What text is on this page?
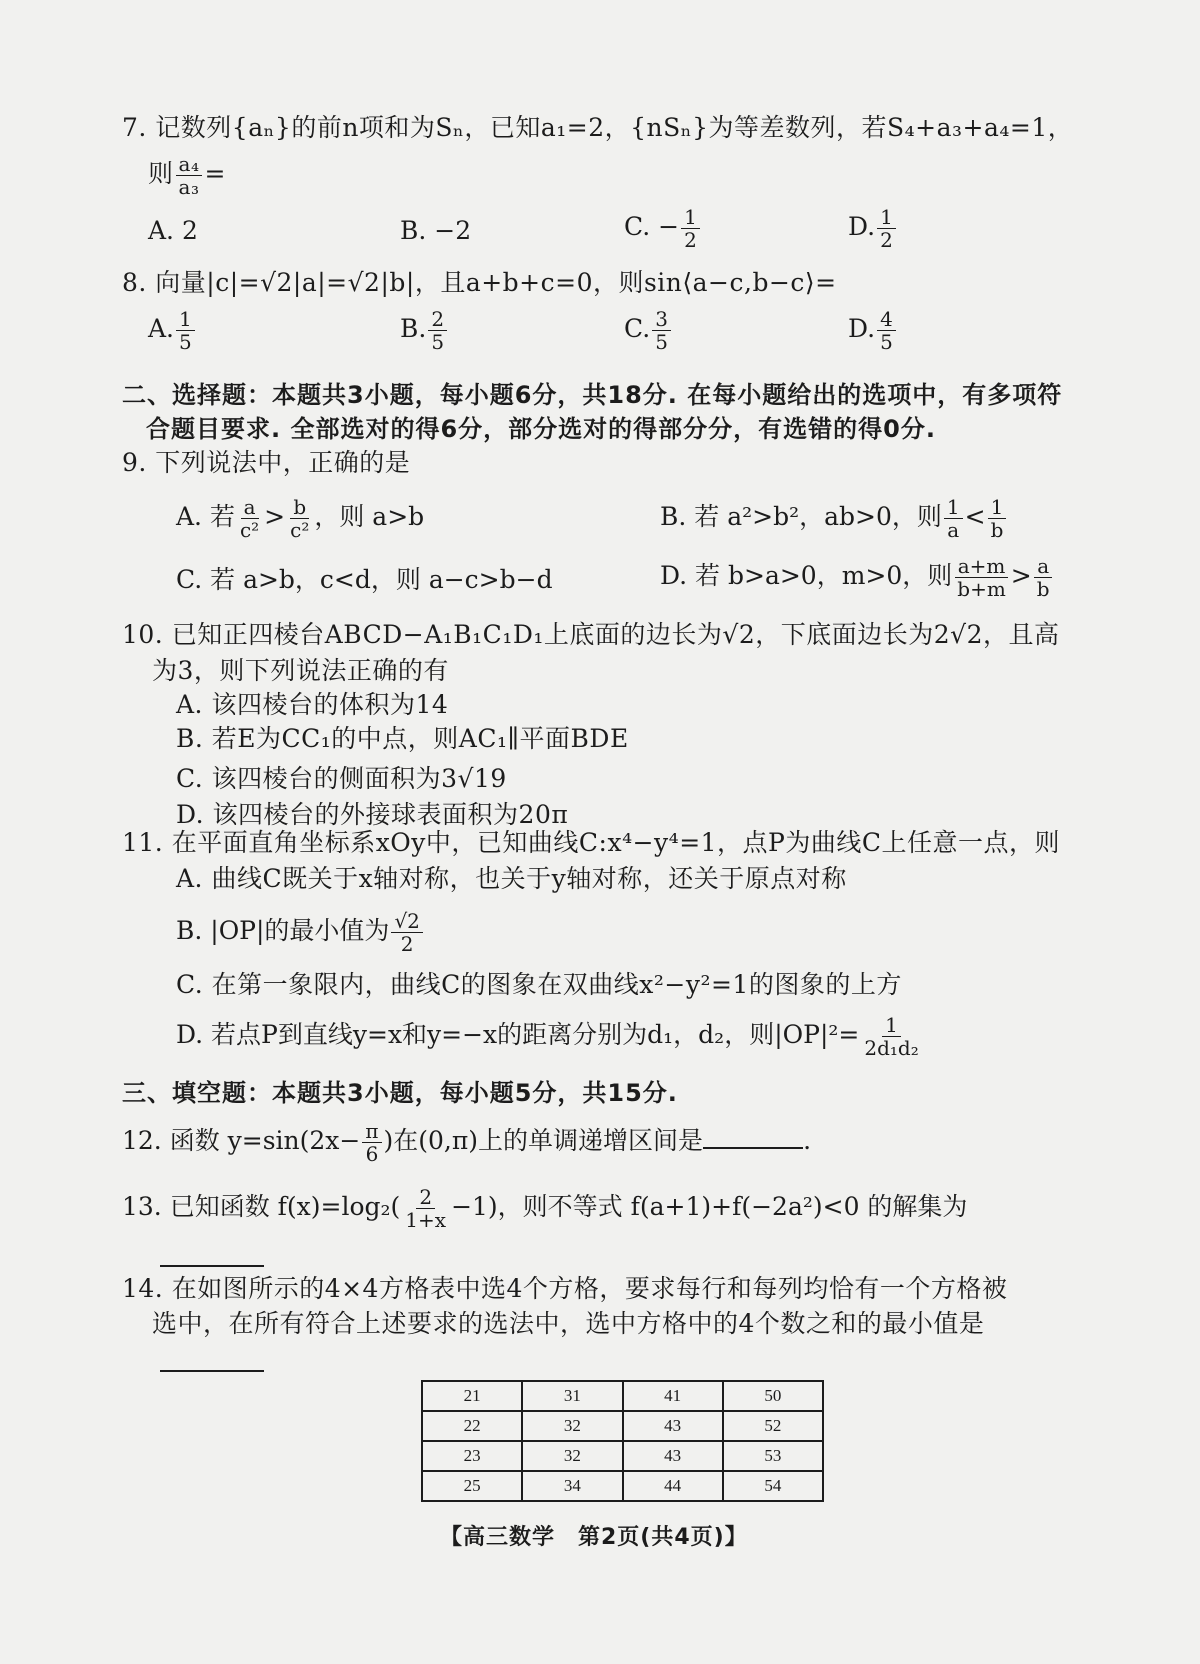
7. 记数列{aₙ}的前n项和为Sₙ，已知a₁=2，{nSₙ}为等差数列，若S₄+a₃+a₄=1，
则 $\frac{\text{a₄}}{\text{a₃}}$ =
A. 2	B. −2	C. − $\frac{1}{2}$	D. $\frac{1}{2}$
8. 向量|c|=√2|a|=√2|b|，且a+b+c=0，则sin⟨a−c,b−c⟩=
A. $\frac{1}{5}$	B. $\frac{2}{5}$	C. $\frac{3}{5}$	D. $\frac{4}{5}$
二、选择题：本题共3小题，每小题6分，共18分. 在每小题给出的选项中，有多项符
合题目要求. 全部选对的得6分，部分选对的得部分分，有选错的得0分.
9. 下列说法中，正确的是
A. 若 $\frac{a}{\text{c²}} > \frac{b}{\text{c²}}$ ，则 a>b	B. 若 a²>b²，ab>0，则 $\frac{1}{a} < \frac{1}{b}$
C. 若 a>b，c<d，则 a−c>b−d	D. 若 b>a>0，m>0，则 $\frac{a+m}{b+m} > \frac{a}{b}$
10. 已知正四棱台ABCD−A₁B₁C₁D₁上底面的边长为√2，下底面边长为2√2，且高
为3，则下列说法正确的有
A. 该四棱台的体积为14
B. 若E为CC₁的中点，则AC₁∥平面BDE
C. 该四棱台的侧面积为3√19
D. 该四棱台的外接球表面积为20π
11. 在平面直角坐标系xOy中，已知曲线C:x⁴−y⁴=1，点P为曲线C上任意一点，则
A. 曲线C既关于x轴对称，也关于y轴对称，还关于原点对称
B. |OP|的最小值为 $\frac{√2}{2}$
C. 在第一象限内，曲线C的图象在双曲线x²−y²=1的图象的上方
D. 若点P到直线y=x和y=−x的距离分别为d₁，d₂，则$|OP|^2= \frac{1}{\text{2d₁d₂}}$
三、填空题：本题共3小题，每小题5分，共15分.
12. 函数 $y=\sin(2x- \frac{\pi}{6}$ )在(0,π)上的单调递增区间是	.
13. 已知函数 $f(x)=\log_2( \frac{2}{1+x} -1)$，则不等式 f(a+1)+f(−2a²)<0 的解集为
14. 在如图所示的4×4方格表中选4个方格，要求每行和每列均恰有一个方格被
选中，在所有符合上述要求的选法中，选中方格中的4个数之和的最小值是
21	31	41	50
22	32	43	52
23	32	43	53
25	34	44	54
【高三数学　第2页(共4页)】
